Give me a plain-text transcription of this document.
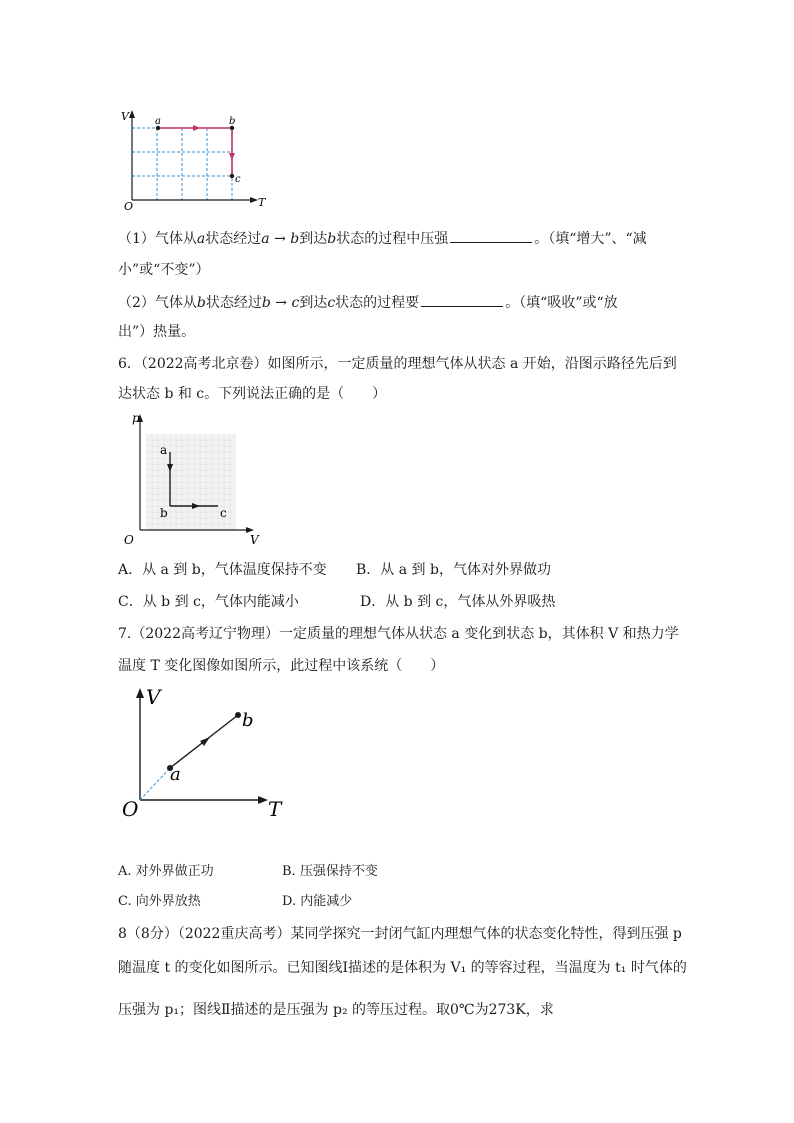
V
T
O
a	b
c
（1）气体从a状态经过a → b到达b状态的过程中压强	。（填“增大”、“减
小”或“不变”）
（2）气体从b状态经过b → c到达c状态的过程要	。（填“吸收”或“放
出”）热量。
6．（2022高考北京卷）如图所示，一定质量的理想气体从状态 a 开始，沿图示路径先后到
达状态 b 和 c。下列说法正确的是（　　）
p
V
O
a
b	c
A．从 a 到 b，气体温度保持不变 B．从 a 到 b，气体对外界做功
C．从 b 到 c，气体内能减小	D．从 b 到 c，气体从外界吸热
7.（2022高考辽宁物理）一定质量的理想气体从状态 a 变化到状态 b，其体积 V 和热力学
温度 T 变化图像如图所示，此过程中该系统（　　）
V
T
O
a
b
A. 对外界做正功	B. 压强保持不变
C. 向外界放热	D. 内能减少
8（8分）（2022重庆高考）某同学探究一封闭气缸内理想气体的状态变化特性，得到压强 p
随温度 t 的变化如图所示。已知图线Ⅰ描述的是体积为 V₁ 的等容过程，当温度为 t₁ 时气体的
压强为 p₁；图线Ⅱ描述的是压强为 p₂ 的等压过程。取0℃为273K，求
